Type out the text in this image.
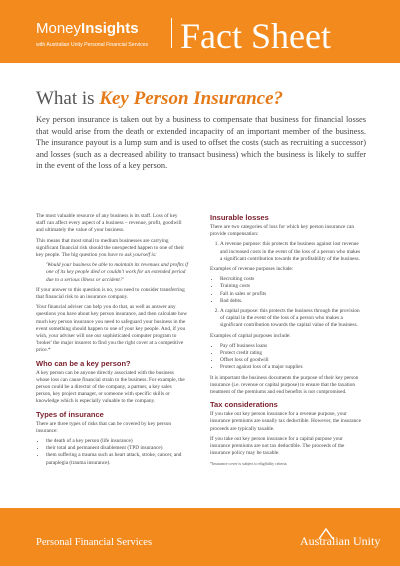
MoneyInsights
with Australian Unity Personal Financial Services Fact Sheet
What is Key Person Insurance?
Key person insurance is taken out by a business to compensate that business for financial losses that would arise from the death or extended incapacity of an important member of the business. The insurance payout is a lump sum and is used to offset the costs (such as recruiting a successor) and losses (such as a decreased ability to transact business) which the business is likely to suffer in the event of the loss of a key person.

The most valuable resource of any business is its staff. Loss of key staff can affect every aspect of a business – revenue, profit, goodwill and ultimately the value of your business.

This means that most small to medium businesses are carrying significant financial risk should the unexpected happen to one of their key people. The big question you have to ask yourself is:

'Would your business be able to maintain its revenues and profits if one of its key people died or couldn't work for an extended period due to a serious illness or accident?'

If your answer to this question is no, you need to consider transferring that financial risk to an insurance company.

Your financial adviser can help you do that, as well as answer any questions you have about key person insurance, and then calculate how much key person insurance you need to safeguard your business in the event something should happen to one of your key people. And, if you wish, your adviser will use our sophisticated computer program to 'broker' the major insurers to find you the right cover at a competitive price.*

Who can be a key person?

A key person can be anyone directly associated with the business whose loss can cause financial strain to the business. For example, the person could be a director of the company, a partner, a key sales person, key project manager, or someone with specific skills or knowledge which is especially valuable to the company.

Types of insurance

There are three types of risks that can be covered by key person insurance:

• the death of a key person (life insurance)
• their total and permanent disablement (TPD insurance)
• them suffering a trauma such as heart attack, stroke, cancer, and paraplegia (trauma insurance).
Insurable losses

There are two categories of loss for which key person insurance can provide compensation:

1. A revenue purpose: this protects the business against lost revenue and increased costs in the event of the loss of a person who makes a significant contribution towards the profitability of the business.

Examples of revenue purposes include:

• Recruiting costs
• Training costs
• Fall in sales or profits
• Bad debts.
2. A capital purpose: this protects the business through the provision of capital in the event of the loss of a person who makes a significant contribution towards the capital value of the business.

Examples of capital purposes include:

• Pay off business loans
• Protect credit rating
• Offset loss of goodwill
• Protect against loss of a major supplier.

It is important the business documents the purpose of their key person insurance (i.e. revenue or capital purpose) to ensure that the taxation treatment of the premiums and end benefits is not compromised.

Tax considerations

If you take out key person insurance for a revenue purpose, your insurance premiums are usually tax deductible. However, the insurance proceeds are typically taxable.

If you take out key person insurance for a capital purpose your insurance premiums are not tax deductible. The proceeds of the insurance policy may be taxable.

*Insurance cover is subject to eligibility criteria.
Personal Financial Services	Australian Unity
